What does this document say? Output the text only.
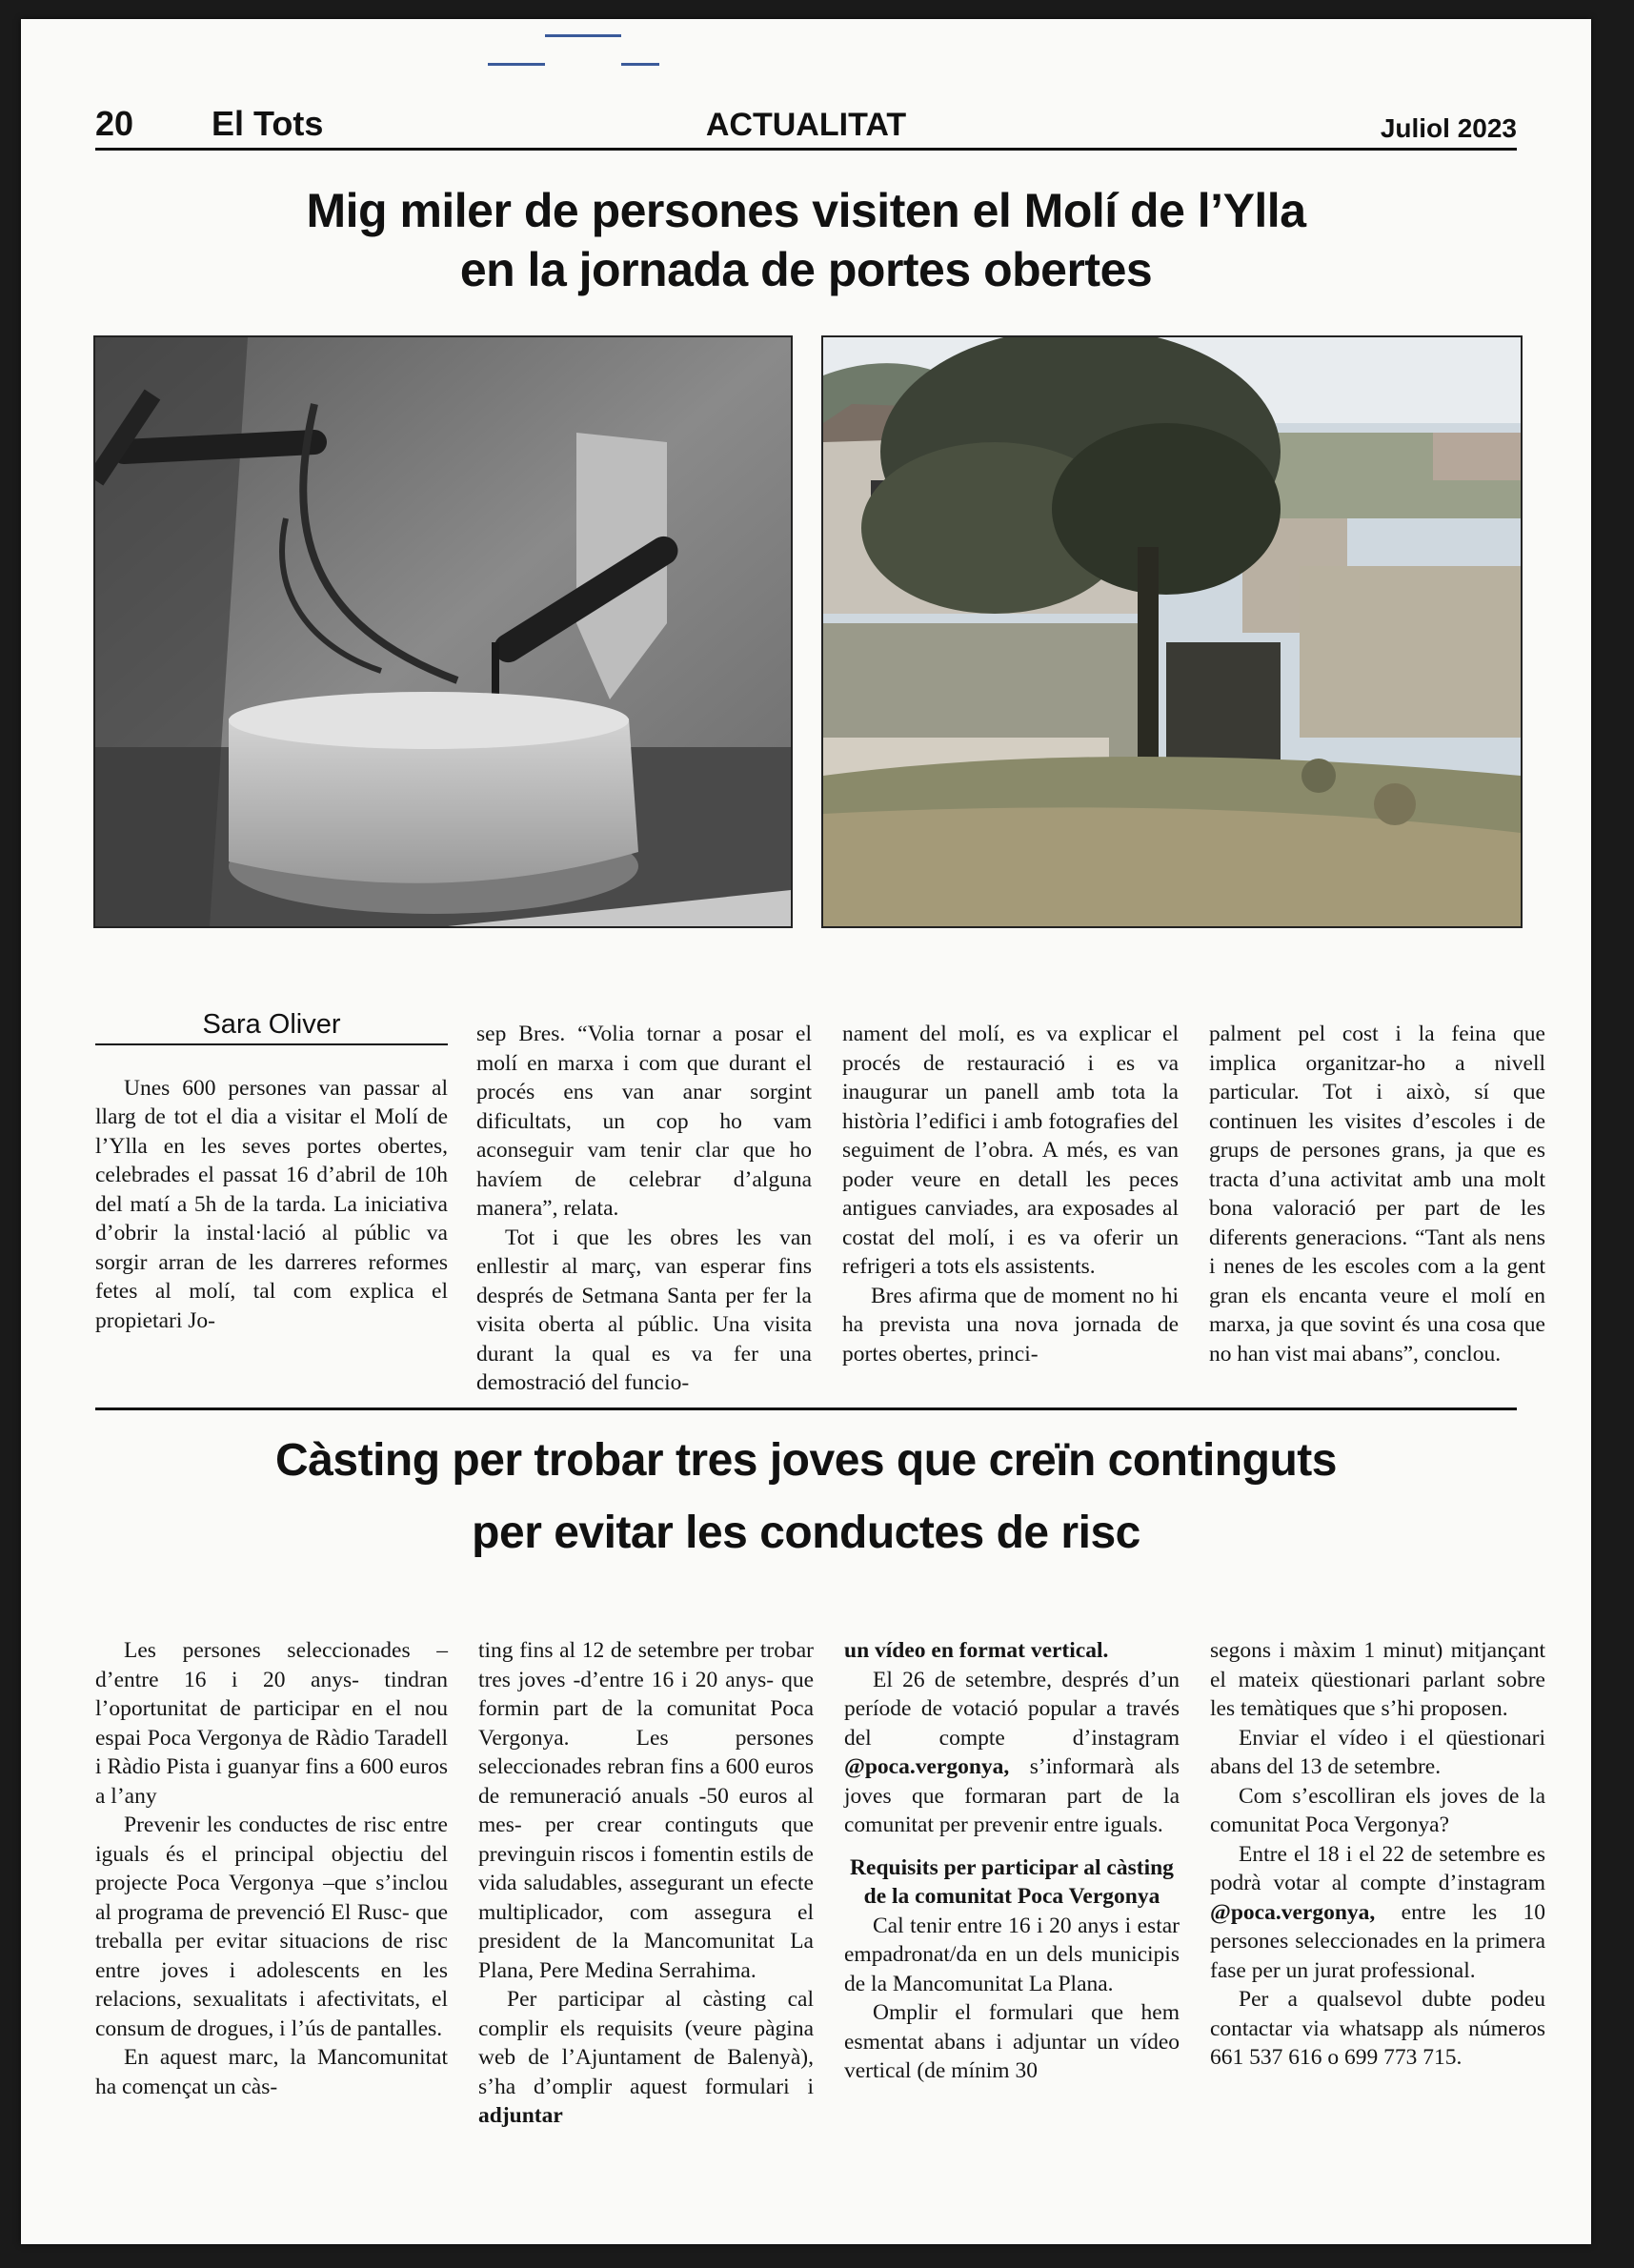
20 El Tots	ACTUALITAT	Juliol 2023
Mig miler de persones visiten el Molí de l’Ylla
en la jornada de portes obertes
Sara Oliver

Unes 600 persones van passar al llarg de tot el dia a visitar el Molí de l’Ylla en les seves portes obertes, celebrades el passat 16 d’abril de 10h del matí a 5h de la tarda. La iniciativa d’obrir la instal·lació al públic va sorgir arran de les darreres reformes fetes al molí, tal com explica el propietari Jo-

sep Bres. “Volia tornar a posar el molí en marxa i com que durant el procés ens van anar sorgint dificultats, un cop ho vam aconseguir vam tenir clar que ho havíem de celebrar d’alguna manera”, relata.

Tot i que les obres les van enllestir al març, van esperar fins després de Setmana Santa per fer la visita oberta al públic. Una visita durant la qual es va fer una demostració del funcio-

nament del molí, es va explicar el procés de restauració i es va inaugurar un panell amb tota la història l’edifici i amb fotografies del seguiment de l’obra. A més, es van poder veure en detall les peces antigues canviades, ara exposades al costat del molí, i es va oferir un refrigeri a tots els assistents.

Bres afirma que de moment no hi ha prevista una nova jornada de portes obertes, princi-

palment pel cost i la feina que implica organitzar-ho a nivell particular. Tot i això, sí que continuen les visites d’escoles i de grups de persones grans, ja que es tracta d’una activitat amb una molt bona valoració per part de les diferents generacions. “Tant als nens i nenes de les escoles com a la gent gran els encanta veure el molí en marxa, ja que sovint és una cosa que no han vist mai abans”, conclou.

Càsting per trobar tres joves que creïn continguts
per evitar les conductes de risc

Les persones seleccionades –d’entre 16 i 20 anys- tindran l’oportunitat de participar en el nou espai Poca Vergonya de Ràdio Taradell i Ràdio Pista i guanyar fins a 600 euros a l’any

Prevenir les conductes de risc entre iguals és el principal objectiu del projecte Poca Vergonya –que s’inclou al programa de prevenció El Rusc- que treballa per evitar situacions de risc entre joves i adolescents en les relacions, sexualitats i afectivitats, el consum de drogues, i l’ús de pantalles.

En aquest marc, la Mancomunitat ha començat un càs-

ting fins al 12 de setembre per trobar tres joves -d’entre 16 i 20 anys- que formin part de la comunitat Poca Vergonya. Les persones seleccionades rebran fins a 600 euros de remuneració anuals -50 euros al mes- per crear continguts que previnguin riscos i fomentin estils de vida saludables, assegurant un efecte multiplicador, com assegura el president de la Mancomunitat La Plana, Pere Medina Serrahima.

Per participar al càsting cal complir els requisits (veure pàgina web de l’Ajuntament de Balenyà), s’ha d’omplir aquest formulari i adjuntar

un vídeo en format vertical.

El 26 de setembre, després d’un període de votació popular a través del compte d’instagram @poca.vergonya, s’informarà als joves que formaran part de la comunitat per prevenir entre iguals.

Requisits per participar al càsting de la comunitat Poca Vergonya

Cal tenir entre 16 i 20 anys i estar empadronat/da en un dels municipis de la Mancomunitat La Plana.

Omplir el formulari que hem esmentat abans i adjuntar un vídeo vertical (de mínim 30

segons i màxim 1 minut) mitjançant el mateix qüestionari parlant sobre les temàtiques que s’hi proposen.

Enviar el vídeo i el qüestionari abans del 13 de setembre.

Com s’escolliran els joves de la comunitat Poca Vergonya?

Entre el 18 i el 22 de setembre es podrà votar al compte d’instagram @poca.vergonya, entre les 10 persones seleccionades en la primera fase per un jurat professional.

Per a qualsevol dubte podeu contactar via whatsapp als números 661 537 616 o 699 773 715.
